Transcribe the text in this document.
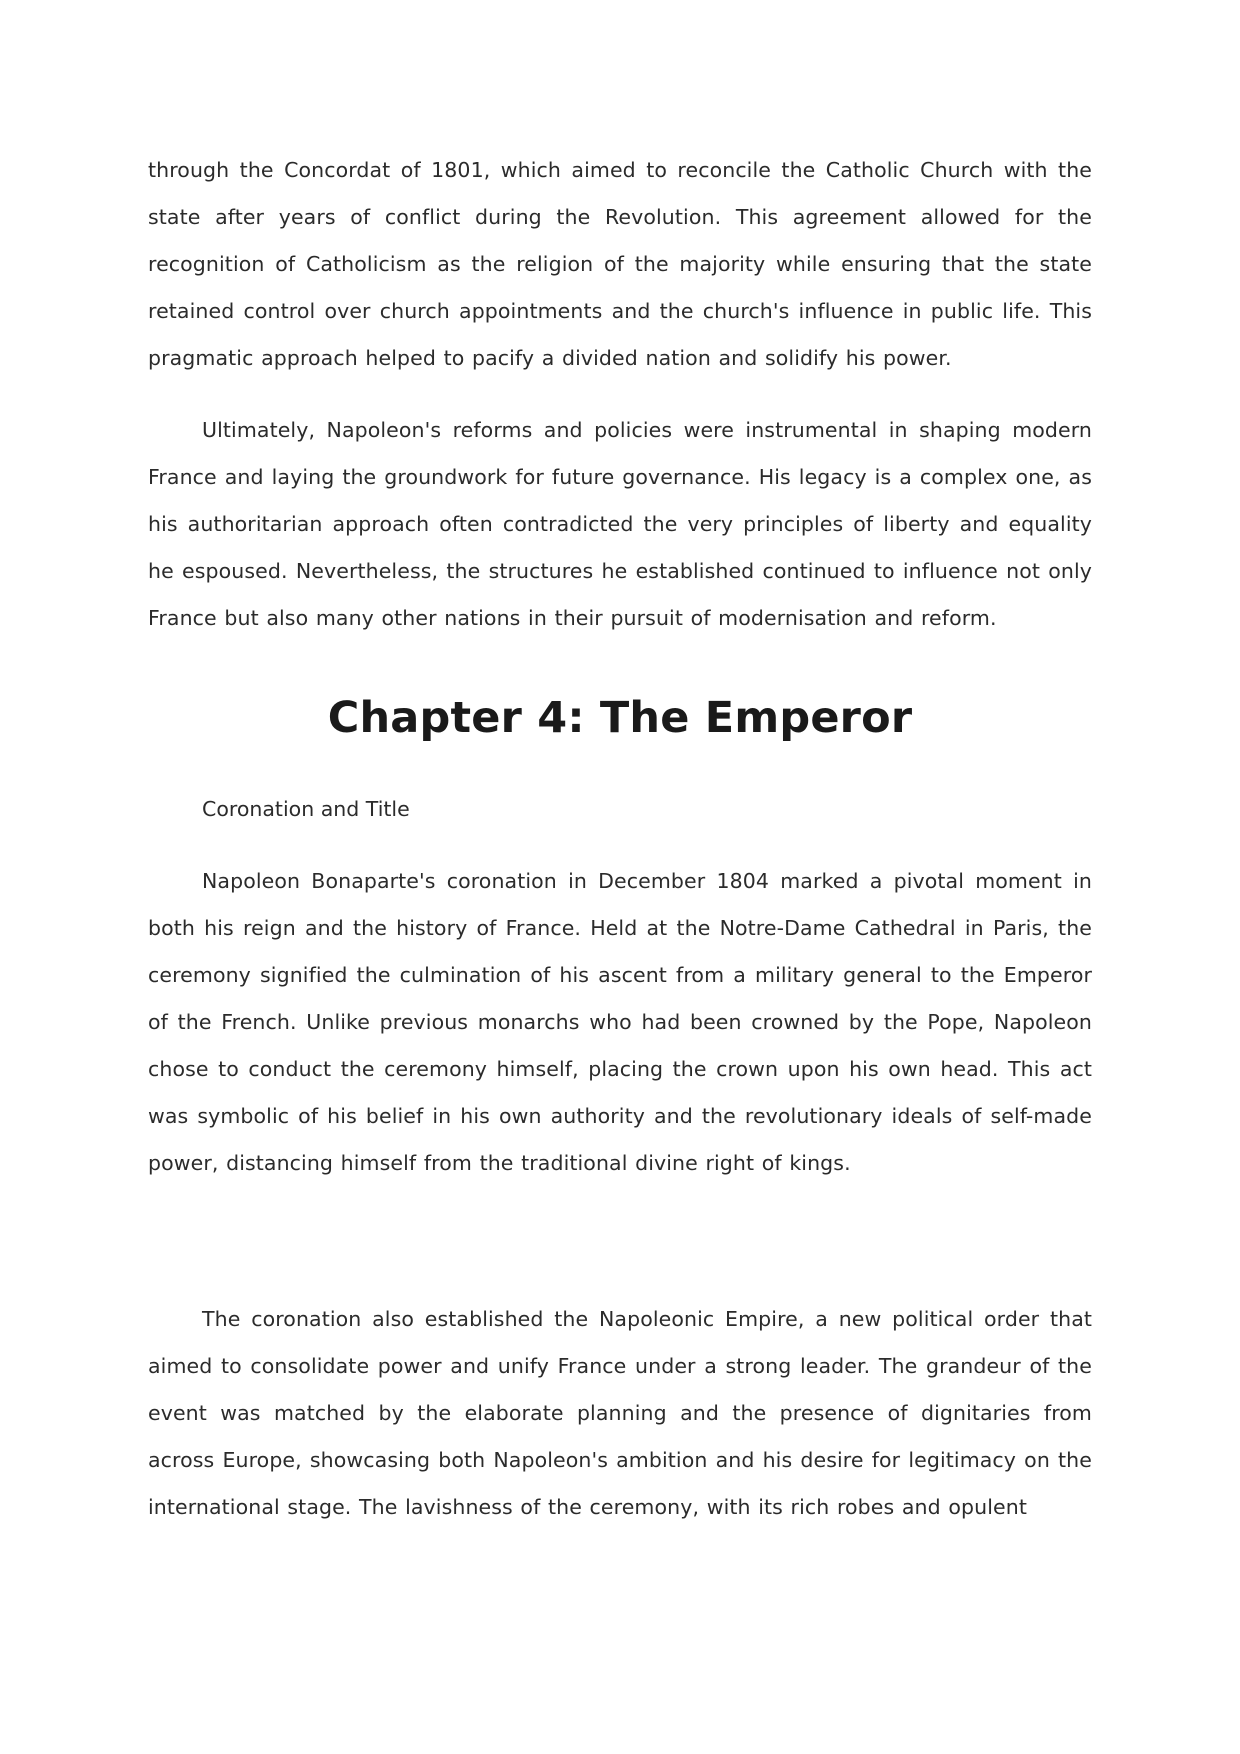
through the Concordat of 1801, which aimed to reconcile the Catholic Church with the state after years of conflict during the Revolution. This agreement allowed for the recognition of Catholicism as the religion of the majority while ensuring that the state retained control over church appointments and the church's influence in public life. This pragmatic approach helped to pacify a divided nation and solidify his power.

Ultimately, Napoleon's reforms and policies were instrumental in shaping modern France and laying the groundwork for future governance. His legacy is a complex one, as his authoritarian approach often contradicted the very principles of liberty and equality he espoused. Nevertheless, the structures he established continued to influence not only France but also many other nations in their pursuit of modernisation and reform.

Chapter 4: The Emperor

Coronation and Title

Napoleon Bonaparte's coronation in December 1804 marked a pivotal moment in both his reign and the history of France. Held at the Notre-Dame Cathedral in Paris, the ceremony signified the culmination of his ascent from a military general to the Emperor of the French. Unlike previous monarchs who had been crowned by the Pope, Napoleon chose to conduct the ceremony himself, placing the crown upon his own head. This act was symbolic of his belief in his own authority and the revolutionary ideals of self-made power, distancing himself from the traditional divine right of kings.

The coronation also established the Napoleonic Empire, a new political order that aimed to consolidate power and unify France under a strong leader. The grandeur of the event was matched by the elaborate planning and the presence of dignitaries from across Europe, showcasing both Napoleon's ambition and his desire for legitimacy on the international stage. The lavishness of the ceremony, with its rich robes and opulent
